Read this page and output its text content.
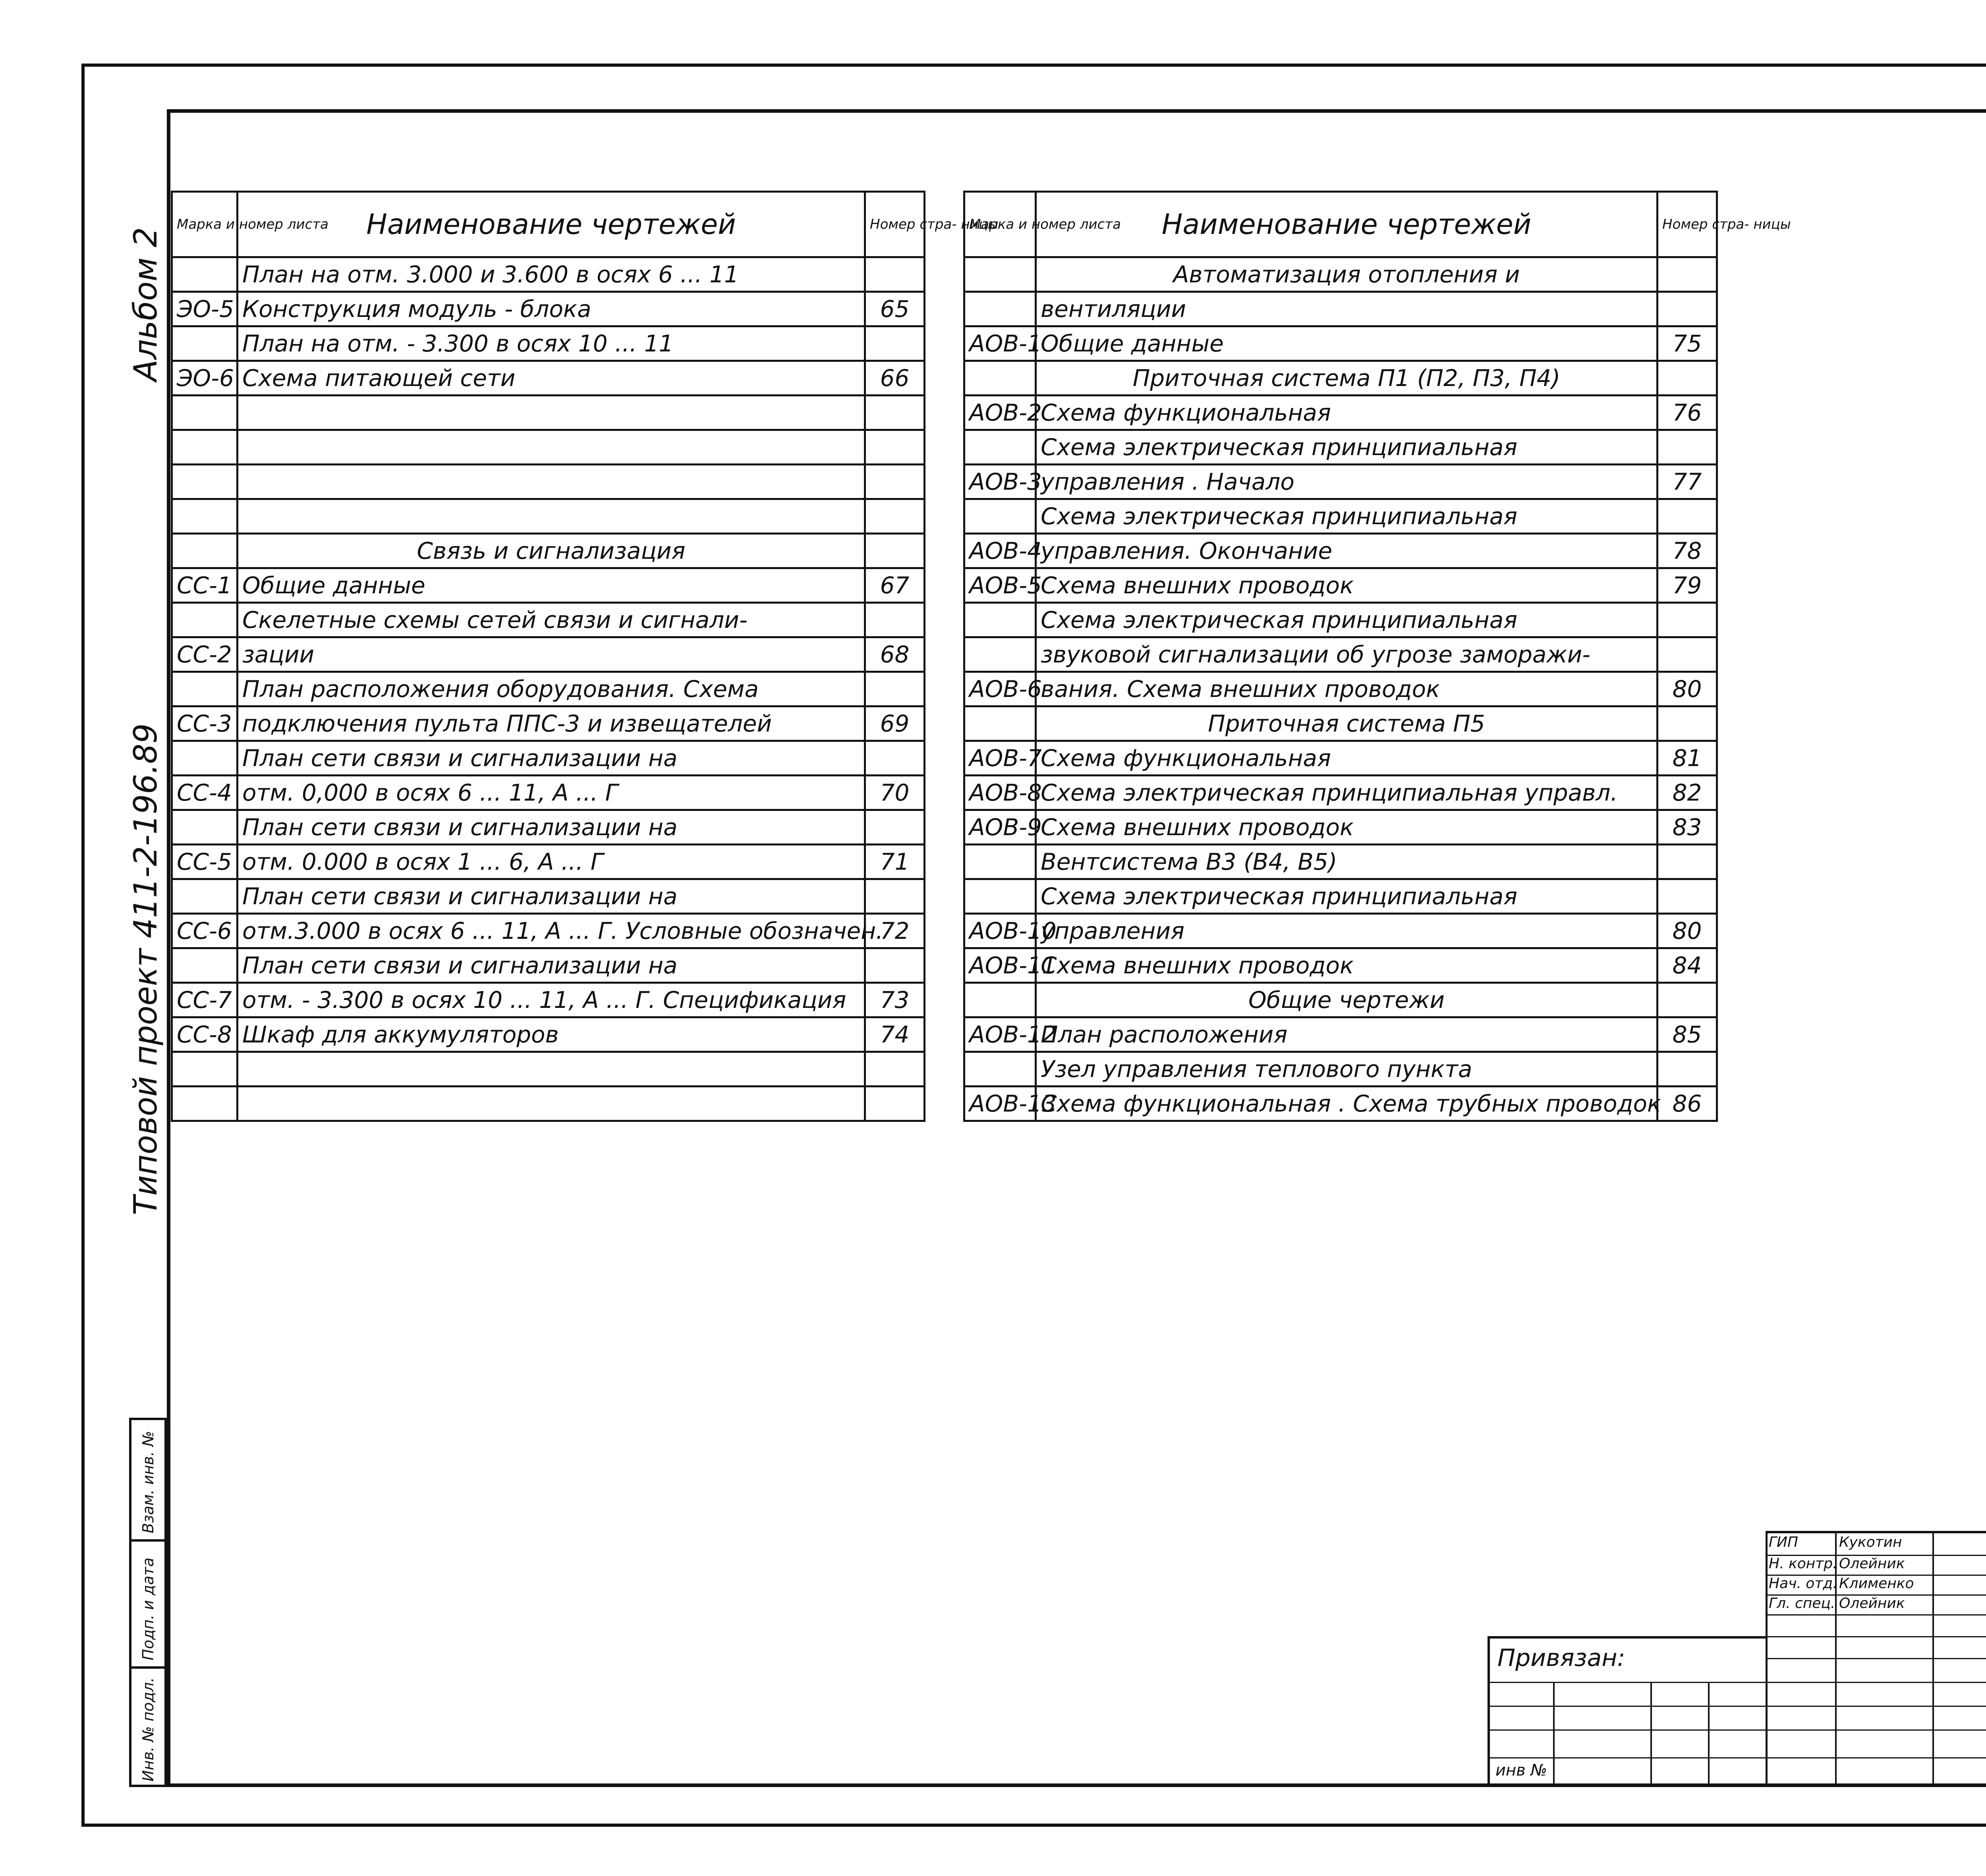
Альбом 2
Типовой проект 411-2-196.89
Инв. № подл.
Подп. и дата
Взам. инв. №
Марка и номер листа	Наименование чертежей	Номер стра- ницы
	План на отм. 3.000 и 3.600 в осях 6 ... 11	
ЭО-5	Конструкция модуль - блока	65
	План на отм. - 3.300 в осях 10 ... 11	
ЭО-6	Схема питающей сети	66

	Связь и сигнализация	
СС-1	Общие данные	67
	Скелетные схемы сетей связи и сигнали-	
СС-2	зации	68
	План расположения оборудования. Схема	
СС-3	подключения пульта ППС-3 и извещателей	69
	План сети связи и сигнализации на	
СС-4	отм. 0,000 в осях 6 ... 11, А ... Г	70
	План сети связи и сигнализации на	
СС-5	отм. 0.000 в осях 1 ... 6, А ... Г	71
	План сети связи и сигнализации на	
СС-6	отм.3.000 в осях 6 ... 11, А ... Г. Условные обозначен.	72
	План сети связи и сигнализации на	
СС-7	отм. - 3.300 в осях 10 ... 11, А ... Г. Спецификация	73
СС-8	Шкаф для аккумуляторов	74

Марка и номер листа	Наименование чертежей	Номер стра- ницы
	Автоматизация отопления и	
	вентиляции	
АОВ-1	Общие данные	75
	Приточная система П1 (П2, П3, П4)	
АОВ-2	Схема функциональная	76
	Схема электрическая принципиальная	
АОВ-3	управления . Начало	77
	Схема электрическая принципиальная	
АОВ-4	управления. Окончание	78
АОВ-5	Схема внешних проводок	79
	Схема электрическая принципиальная	
	звуковой сигнализации об угрозе заморажи-	
АОВ-6	вания. Схема внешних проводок	80
	Приточная система П5	
АОВ-7	Схема функциональная	81
АОВ-8	Схема электрическая принципиальная управл.	82
АОВ-9	Схема внешних проводок	83
	Вентсистема В3 (В4, В5)	
	Схема электрическая принципиальная	
АОВ-10	управления	80
АОВ-11	Схема внешних проводок	84
	Общие чертежи	
АОВ-12	План расположения	85
	Узел управления теплового пункта	
АОВ-13	Схема функциональная . Схема трубных проводок	86
Привязан:
инв №
ГИП	Кукотин
Н. контр. Олейник
Нач. отд. Клименко
Гл. спец. Олейник
